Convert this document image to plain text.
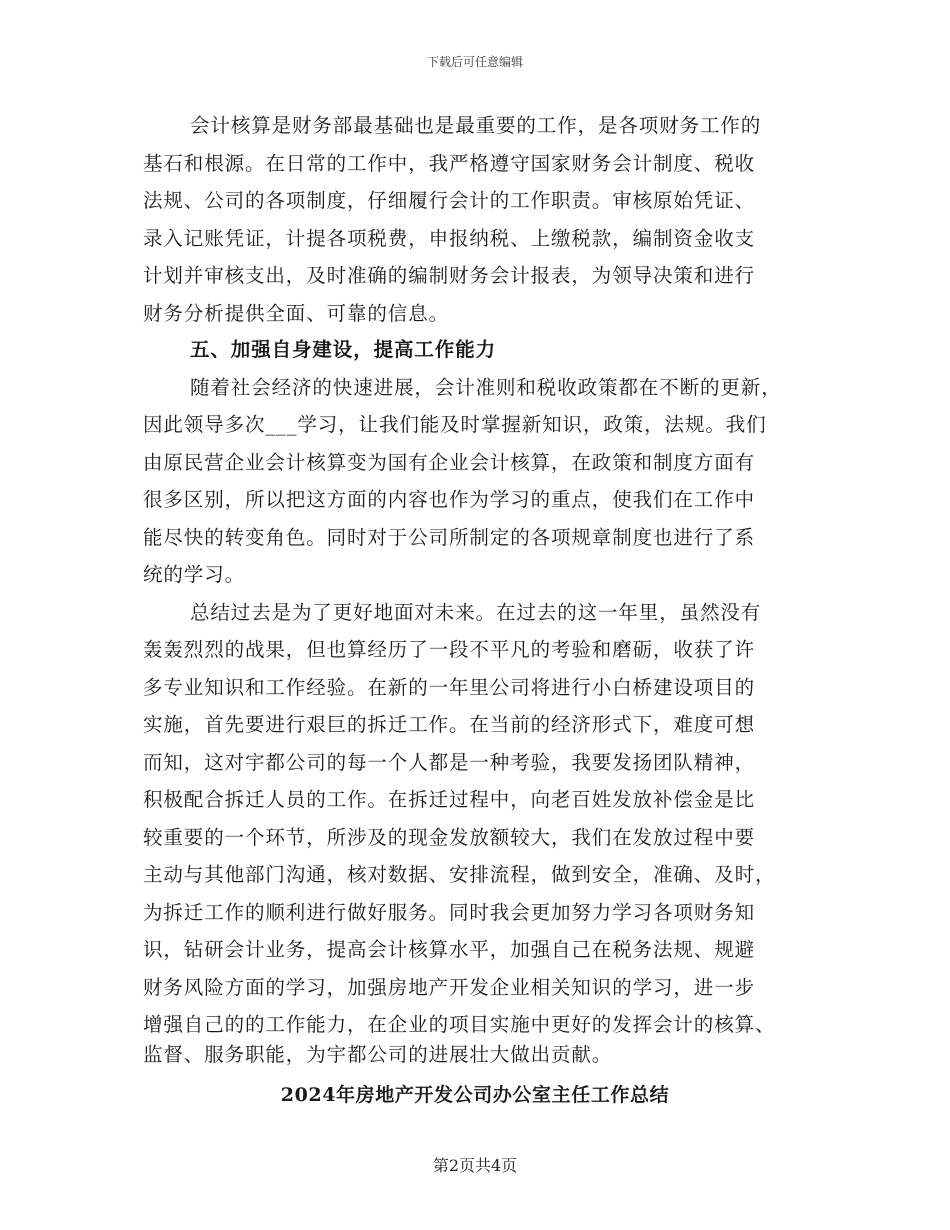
下载后可任意编辑
会计核算是财务部最基础也是最重要的工作，是各项财务工作的
基石和根源。在日常的工作中，我严格遵守国家财务会计制度、税收
法规、公司的各项制度，仔细履行会计的工作职责。审核原始凭证、
录入记账凭证，计提各项税费，申报纳税、上缴税款，编制资金收支
计划并审核支出，及时准确的编制财务会计报表，为领导决策和进行
财务分析提供全面、可靠的信息。
五、加强自身建设，提高工作能力
随着社会经济的快速进展，会计准则和税收政策都在不断的更新，
因此领导多次___学习，让我们能及时掌握新知识，政策，法规。我们
由原民营企业会计核算变为国有企业会计核算，在政策和制度方面有
很多区别，所以把这方面的内容也作为学习的重点，使我们在工作中
能尽快的转变角色。同时对于公司所制定的各项规章制度也进行了系
统的学习。
总结过去是为了更好地面对未来。在过去的这一年里，虽然没有
轰轰烈烈的战果，但也算经历了一段不平凡的考验和磨砺，收获了许
多专业知识和工作经验。在新的一年里公司将进行小白桥建设项目的
实施，首先要进行艰巨的拆迁工作。在当前的经济形式下，难度可想
而知，这对宇都公司的每一个人都是一种考验，我要发扬团队精神，
积极配合拆迁人员的工作。在拆迁过程中，向老百姓发放补偿金是比
较重要的一个环节，所涉及的现金发放额较大，我们在发放过程中要
主动与其他部门沟通，核对数据、安排流程，做到安全，准确、及时，
为拆迁工作的顺利进行做好服务。同时我会更加努力学习各项财务知
识，钻研会计业务，提高会计核算水平，加强自己在税务法规、规避
财务风险方面的学习，加强房地产开发企业相关知识的学习，进一步
增强自己的的工作能力，在企业的项目实施中更好的发挥会计的核算、
监督、服务职能，为宇都公司的进展壮大做出贡献。
2024年房地产开发公司办公室主任工作总结
第2页共4页
